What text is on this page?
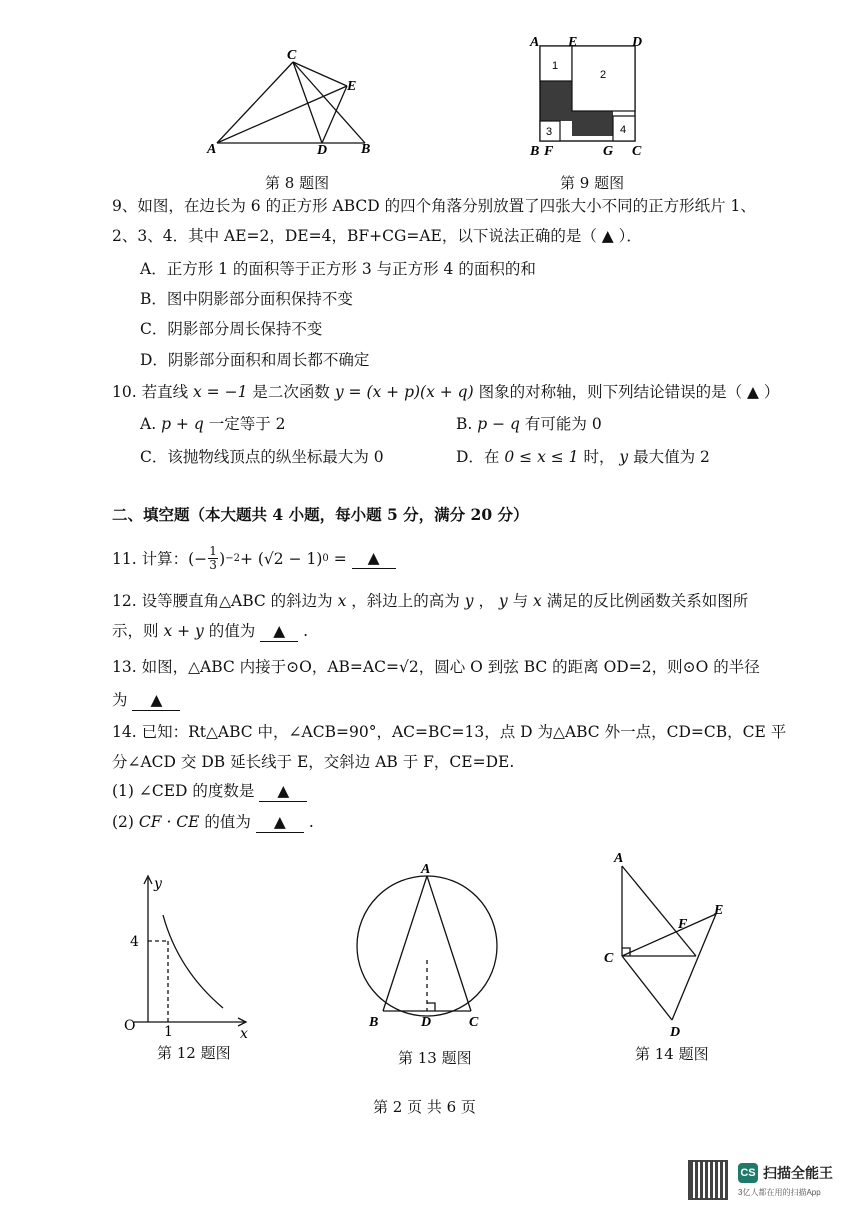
A	B
C
D
E
第 8 题图
A E	D
B F	G C
1
2
3	4
第 9 题图
9、如图，在边长为 6 的正方形 ABCD 的四个角落分别放置了四张大小不同的正方形纸片 1、
2、3、4．其中 AE=2，DE=4，BF+CG=AE，以下说法正确的是（ ▲ ）．
A．正方形 1 的面积等于正方形 3 与正方形 4 的面积的和
B．图中阴影部分面积保持不变
C．阴影部分周长保持不变
D．阴影部分面积和周长都不确定
10. 若直线 x = −1 是二次函数 y = (x + p)(x + q) 图象的对称轴，则下列结论错误的是（ ▲ ）
A. p + q 一定等于 2	B. p − q 有可能为 0
C．该抛物线顶点的纵坐标最大为 0	D．在 0 ≤ x ≤ 1 时， y 最大值为 2
二、填空题（本大题共 4 小题，每小题 5 分，满分 20 分）
11. 计算： (− 1
3 ) −2 + (√2 − 1) 0 =	▲
12. 设等腰直角△ABC 的斜边为 x ，斜边上的高为 y ， y 与 x 满足的反比例函数关系如图所
示，则 x + y 的值为 ▲ .
13. 如图，△ABC 内接于⊙O，AB=AC=√2，圆心 O 到弦 BC 的距离 OD=2，则⊙O 的半径
为 ▲
14. 已知：Rt△ABC 中，∠ACB=90°，AC=BC=13，点 D 为△ABC 外一点，CD=CB，CE 平
分∠ACD 交 DB 延长线于 E，交斜边 AB 于 F，CE=DE.
(1) ∠CED 的度数是 ▲
(2) CF · CE 的值为 ▲ .
y
x
O
4
1
第 12 题图
A
B	C
D
第 13 题图
A
C
D
E
F
第 14 题图
第 2 页 共 6 页
CS 扫描全能王
3亿人都在用的扫描App
